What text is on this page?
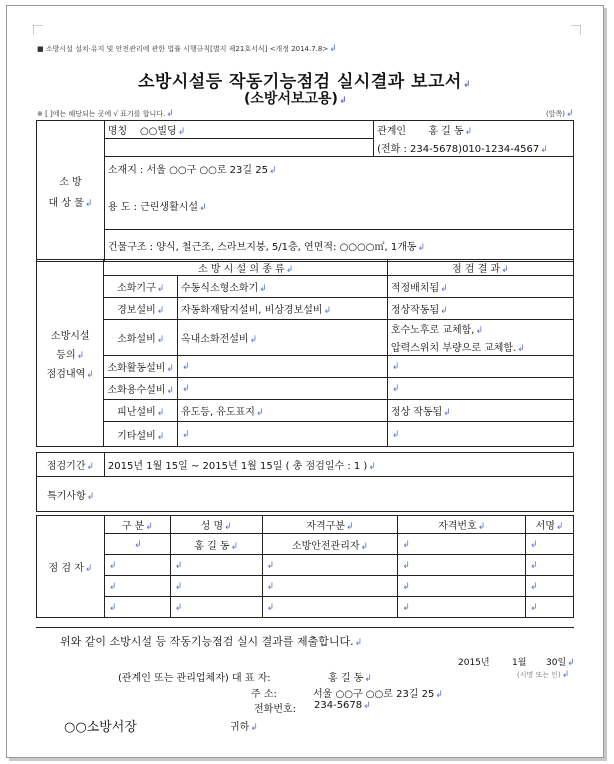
■ 소방시설 설치·유지 및 안전관리에 관한 법률 시행규칙[별지 제21호서식] <개정 2014.7.8>↲
소방시설등 작동기능점검 실시결과 보고서↲
(소방서보고용)↲
※ [ ]에는 해당되는 곳에 √ 표기를 합니다.↲	(앞쪽)↲
소 방
대 상 물↲	명칭 ○○빌딩↲	관계인 홍 길 동↲
		(전화 : 234-5678)010-1234-4567↲

	소재지 : 서울 ○○구 ○○로 23길 25↲
용 도 : 근린생활시설↲	

	건물구조 : 양식, 철근조, 스라브지붕, 5/1층, 연면적: ○○○○㎡, 1개동↲	
소방시설
등의↲
점검내역↲	소 방 시 설 의 종 류↲		점 검 결 과↲
	소화기구↲	수동식소형소화기↲	적정배치됨↲
	경보설비↲	자동화재탐지설비, 비상경보설비↲	정상작동됨↲
	소화설비↲	옥내소화전설비↲	호수노후로 교체함,↲
압력스위치 부량으로 교체함.↲

	소화활동설비↲	↲	↲
	소화용수설비↲	↲	↲
	피난설비↲	유도등, 유도표지↲	정상 작동됨↲
	기타설비↲	↲	↲
점검기간↲	2015년 1월 15일 ~ 2015년 1월 15일 ( 총 점검일수 : 1 )↲
특기사항↲	
점 검 자↲	구 분↲	성 명↲	자격구분↲	자격번호↲	서명↲
	↲	홍 길 동↲	소방안전관리자↲	↲	↲
	↲	↲	↲	↲	↲
	↲	↲	↲	↲	↲
	↲	↲	↲	↲	↲
위와 같이 소방시설 등 작동기능점검 실시 결과를 제출합니다.↲
2015년 1월 30일↲
(관계인 또는 관리업체자) 대 표 자:	홍 길 동↲	(서명 또는 인)↲
주 소:	서울 ○○구 ○○로 23길 25↲
전화번호: 234-5678↲
○○소방서장	귀하↲
